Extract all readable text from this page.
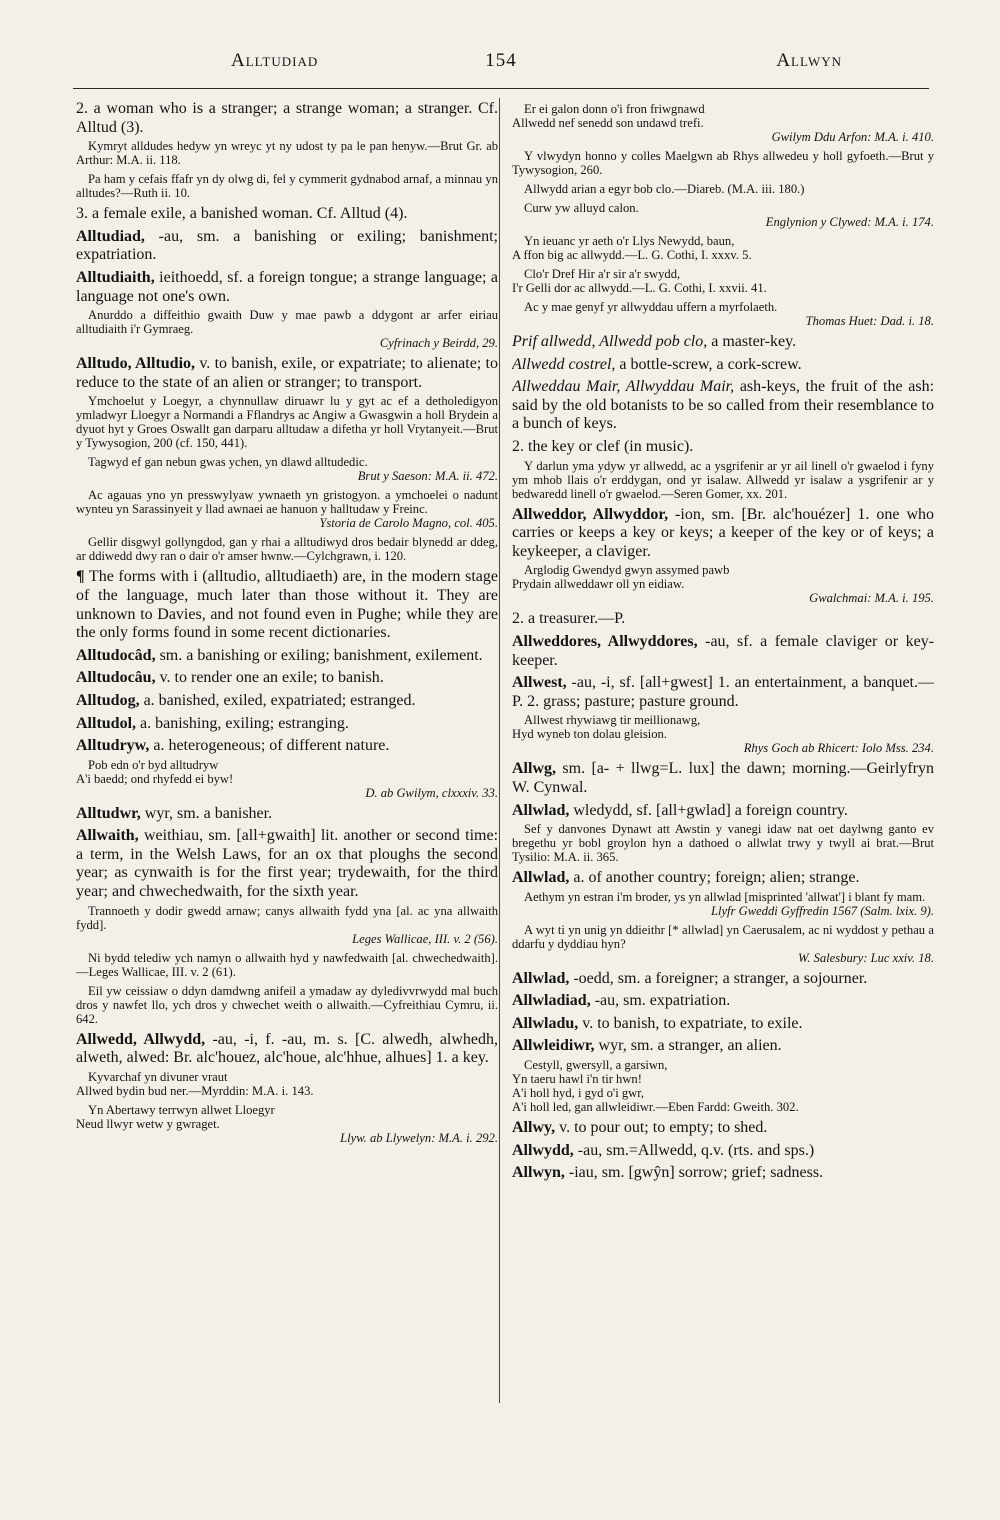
Alltudiad	154	Allwyn
2. a woman who is a stranger; a strange woman; a stranger. Cf. Alltud (3).
Kymryt alldudes hedyw yn wreyc yt ny udost ty pa le pan henyw.—Brut Gr. ab Arthur: M.A. ii. 118.
Pa ham y cefais ffafr yn dy olwg di, fel y cymmerit gydnabod arnaf, a minnau yn alltudes?—Ruth ii. 10.
3. a female exile, a banished woman. Cf. Alltud (4).
Alltudiad, -au, sm. a banishing or exiling; banishment; expatriation.
Alltudiaith, ieithoedd, sf. a foreign tongue; a strange language; a language not one's own.
Anurddo a diffeithio gwaith Duw y mae pawb a ddygont ar arfer eiriau alltudiaith i'r Gymraeg.
Cyfrinach y Beirdd, 29.
Alltudo, Alltudio, v. to banish, exile, or expatriate; to alienate; to reduce to the state of an alien or stranger; to transport.
Ymchoelut y Loegyr, a chynnullaw diruawr lu y gyt ac ef a detholedigyon ymladwyr Lloegyr a Normandi a Fflandrys ac Angiw a Gwasgwin a holl Brydein a dyuot hyt y Groes Oswallt gan darparu alltudaw a difetha yr holl Vrytanyeit.—Brut y Tywysogion, 200 (cf. 150, 441).
Tagwyd ef gan nebun gwas ychen, yn dlawd alltudedic.
Brut y Saeson: M.A. ii. 472.
Ac agauas yno yn presswylyaw ywnaeth yn gristogyon. a ymchoelei o nadunt wynteu yn Sarassinyeit y llad awnaei ae hanuon y halltudaw y Freinc.
Ystoria de Carolo Magno, col. 405.
Gellir disgwyl gollyngdod, gan y rhai a alltudiwyd dros bedair blynedd ar ddeg, ar ddiwedd dwy ran o dair o'r amser hwnw.—Cylchgrawn, i. 120.
¶ The forms with i (alltudio, alltudiaeth) are, in the modern stage of the language, much later than those without it. They are unknown to Davies, and not found even in Pughe; while they are the only forms found in some recent dictionaries.
Alltudocâd, sm. a banishing or exiling; banishment, exilement.
Alltudocâu, v. to render one an exile; to banish.
Alltudog, a. banished, exiled, expatriated; estranged.
Alltudol, a. banishing, exiling; estranging.
Alltudryw, a. heterogeneous; of different nature.
Pob edn o'r byd alltudryw
A'i baedd; ond rhyfedd ei byw!
D. ab Gwilym, clxxxiv. 33.
Alltudwr, wyr, sm. a banisher.
Allwaith, weithiau, sm. [all+gwaith] lit. another or second time: a term, in the Welsh Laws, for an ox that ploughs the second year; as cynwaith is for the first year; trydewaith, for the third year; and chwechedwaith, for the sixth year.
Trannoeth y dodir gwedd arnaw; canys allwaith fydd yna [al. ac yna allwaith fydd].
Leges Wallicae, III. v. 2 (56).
Ni bydd telediw ych namyn o allwaith hyd y nawfedwaith [al. chwechedwaith].—Leges Wallicae, III. v. 2 (61).
Eil yw ceissiaw o ddyn damdwng anifeil a ymadaw ay dyledivvrwydd mal buch dros y nawfet llo, ych dros y chwechet weith o allwaith.—Cyfreithiau Cymru, ii. 642.
Allwedd, Allwydd, -au, -i, f. -au, m. s. [C. alwedh, alwhedh, alweth, alwed: Br. alc'houez, alc'houe, alc'hhue, alhues] 1. a key.
Kyvarchaf yn divuner vraut
Allwed bydin bud ner.—Myrddin: M.A. i. 143.
Yn Abertawy terrwyn allwet Lloegyr
Neud llwyr wetw y gwraget.
Llyw. ab Llywelyn: M.A. i. 292.
Er ei galon donn o'i fron friwgnawd
Allwedd nef senedd son undawd trefi.
Gwilym Ddu Arfon: M.A. i. 410.
Y vlwydyn honno y colles Maelgwn ab Rhys allwedeu y holl gyfoeth.—Brut y Tywysogion, 260.
Allwydd arian a egyr bob clo.—Diareb. (M.A. iii. 180.)
Curw yw alluyd calon.
Englynion y Clywed: M.A. i. 174.
Yn ieuanc yr aeth o'r Llys Newydd, baun,
A ffon big ac allwydd.—L. G. Cothi, I. xxxv. 5.
Clo'r Dref Hir a'r sir a'r swydd,
I'r Gelli dor ac allwydd.—L. G. Cothi, I. xxvii. 41.
Ac y mae genyf yr allwyddau uffern a myrfolaeth.
Thomas Huet: Dad. i. 18.
Prif allwedd, Allwedd pob clo, a master-key.
Allwedd costrel, a bottle-screw, a cork-screw.
Allweddau Mair, Allwyddau Mair, ash-keys, the fruit of the ash: said by the old botanists to be so called from their resemblance to a bunch of keys.
2. the key or clef (in music).
Y darlun yma ydyw yr allwedd, ac a ysgrifenir ar yr ail linell o'r gwaelod i fyny ym mhob llais o'r erddygan, ond yr isalaw. Allwedd yr isalaw a ysgrifenir ar y bedwaredd linell o'r gwaelod.—Seren Gomer, xx. 201.
Allweddor, Allwyddor, -ion, sm. [Br. alc'houézer] 1. one who carries or keeps a key or keys; a keeper of the key or of keys; a keykeeper, a claviger.
Arglodig Gwendyd gwyn assymed pawb
Prydain allweddawr oll yn eidiaw.
Gwalchmai: M.A. i. 195.
2. a treasurer.—P.
Allweddores, Allwyddores, -au, sf. a female claviger or key-keeper.
Allwest, -au, -i, sf. [all+gwest] 1. an entertainment, a banquet.—P. 2. grass; pasture; pasture ground.
Allwest rhywiawg tir meillionawg,
Hyd wyneb ton dolau gleision.
Rhys Goch ab Rhicert: Iolo Mss. 234.
Allwg, sm. [a- + llwg=L. lux] the dawn; morning.—Geirlyfryn W. Cynwal.
Allwlad, wledydd, sf. [all+gwlad] a foreign country.
Sef y danvones Dynawt att Awstin y vanegi idaw nat oet daylwng ganto ev bregethu yr bobl groylon hyn a dathoed o allwlat trwy y twyll ai brat.—Brut Tysilio: M.A. ii. 365.
Allwlad, a. of another country; foreign; alien; strange.
Aethym yn estran i'm broder, ys yn allwlad [misprinted 'allwat'] i blant fy mam.
Llyfr Gweddi Gyffredin 1567 (Salm. lxix. 9).
A wyt ti yn unig yn ddieithr [* allwlad] yn Caerusalem, ac ni wyddost y pethau a ddarfu y dyddiau hyn?
W. Salesbury: Luc xxiv. 18.
Allwlad, -oedd, sm. a foreigner; a stranger, a sojourner.
Allwladiad, -au, sm. expatriation.
Allwladu, v. to banish, to expatriate, to exile.
Allwleidiwr, wyr, sm. a stranger, an alien.
Cestyll, gwersyll, a garsiwn,
Yn taeru hawl i'n tir hwn!
A'i holl hyd, i gyd o'i gwr,
A'i holl led, gan allwleidiwr.—Eben Fardd: Gweith. 302.
Allwy, v. to pour out; to empty; to shed.
Allwydd, -au, sm.=Allwedd, q.v. (rts. and sps.)
Allwyn, -iau, sm. [gwŷn] sorrow; grief; sadness.
